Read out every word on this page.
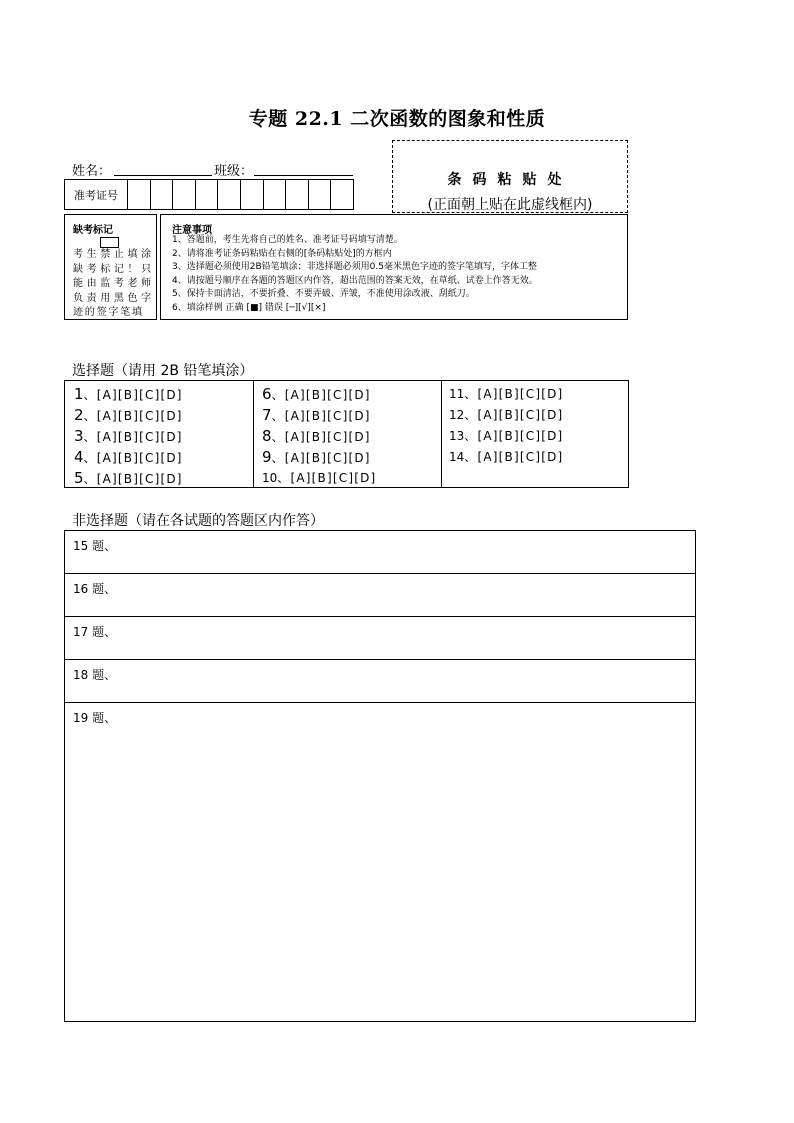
专题 22.1 二次函数的图象和性质
姓名：	班级：
准考证号
条码粘贴处
(正面朝上贴在此虚线框内)
缺考标记
考生禁止填涂缺考标记！只能由监考老师负责用黑色字迹的签字笔填
注意事项
1、答题前，考生先将自己的姓名、准考证号码填写清楚。
2、请将准考证条码粘贴在右侧的[条码粘贴处]的方框内
3、选择题必须使用2B铅笔填涂；非选择题必须用0.5毫米黑色字迹的签字笔填写，字体工整
4、请按题号顺序在各题的答题区内作答，超出范围的答案无效，在草纸、试卷上作答无效。
5、保持卡面清洁，不要折叠、不要弄破、弄皱，不准使用涂改液、刮纸刀。
6、填涂样例 正确 [■] 错误 [─][√][×]
选择题（请用 2B 铅笔填涂）
1、[A][B][C][D]
2、[A][B][C][D]
3、[A][B][C][D]
4、[A][B][C][D]
5、[A][B][C][D]
6、[A][B][C][D]
7、[A][B][C][D]
8、[A][B][C][D]
9、[A][B][C][D]
10、[A][B][C][D]
11、[A][B][C][D]
12、[A][B][C][D]
13、[A][B][C][D]
14、[A][B][C][D]
非选择题（请在各试题的答题区内作答）
15 题、
16 题、
17 题、
18 题、
19 题、
